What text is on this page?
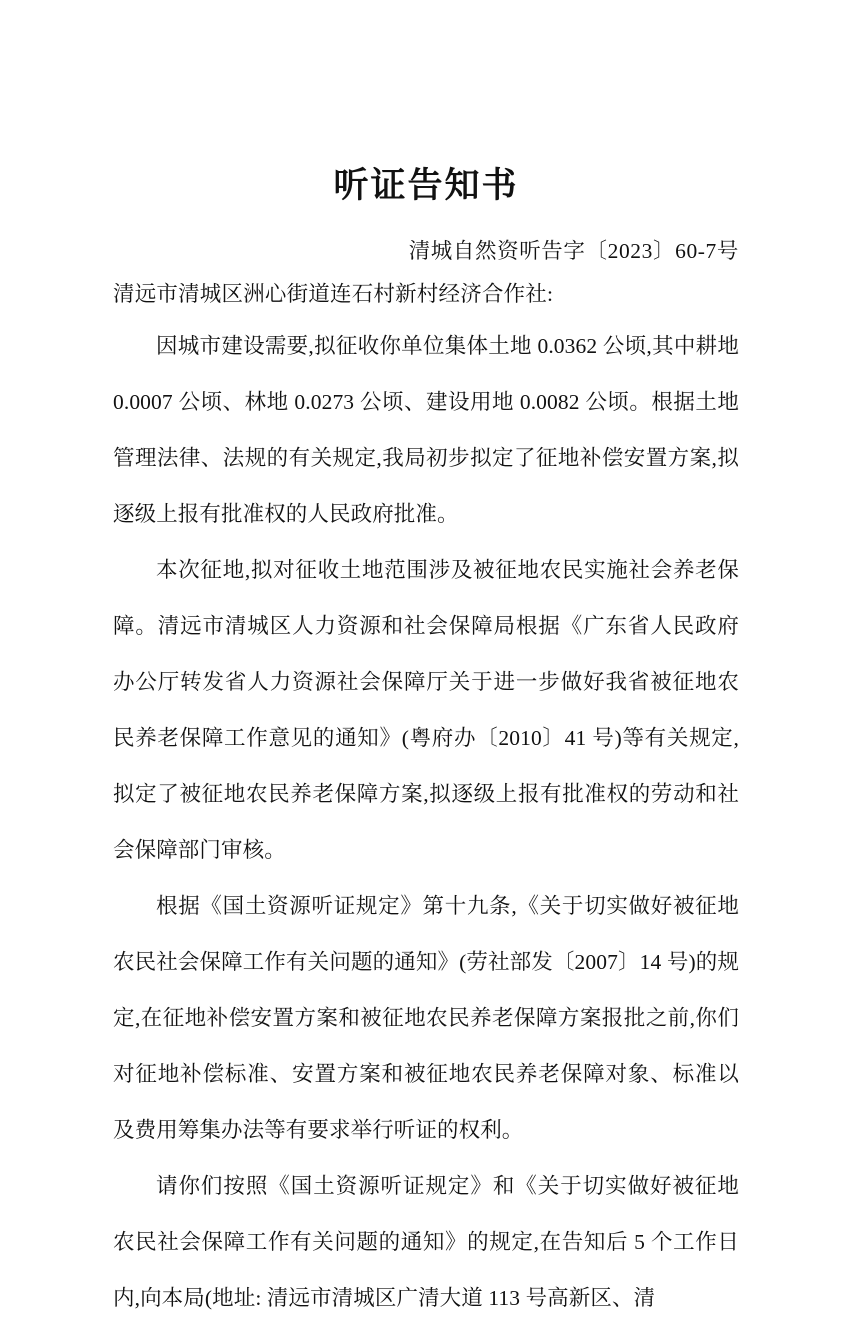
听证告知书
清城自然资听告字〔2023〕60-7号
清远市清城区洲心街道连石村新村经济合作社:

因城市建设需要,拟征收你单位集体土地 0.0362 公顷,其中耕地 0.0007 公顷、林地 0.0273 公顷、建设用地 0.0082 公顷。根据土地管理法律、法规的有关规定,我局初步拟定了征地补偿安置方案,拟逐级上报有批准权的人民政府批准。

本次征地,拟对征收土地范围涉及被征地农民实施社会养老保障。清远市清城区人力资源和社会保障局根据《广东省人民政府办公厅转发省人力资源社会保障厅关于进一步做好我省被征地农民养老保障工作意见的通知》(粤府办〔2010〕41 号)等有关规定,拟定了被征地农民养老保障方案,拟逐级上报有批准权的劳动和社会保障部门审核。

根据《国土资源听证规定》第十九条,《关于切实做好被征地农民社会保障工作有关问题的通知》(劳社部发〔2007〕14 号)的规定,在征地补偿安置方案和被征地农民养老保障方案报批之前,你们对征地补偿标准、安置方案和被征地农民养老保障对象、标准以及费用筹集办法等有要求举行听证的权利。

请你们按照《国土资源听证规定》和《关于切实做好被征地农民社会保障工作有关问题的通知》的规定,在告知后 5 个工作日内,向本局(地址: 清远市清城区广清大道 113 号高新区、清
